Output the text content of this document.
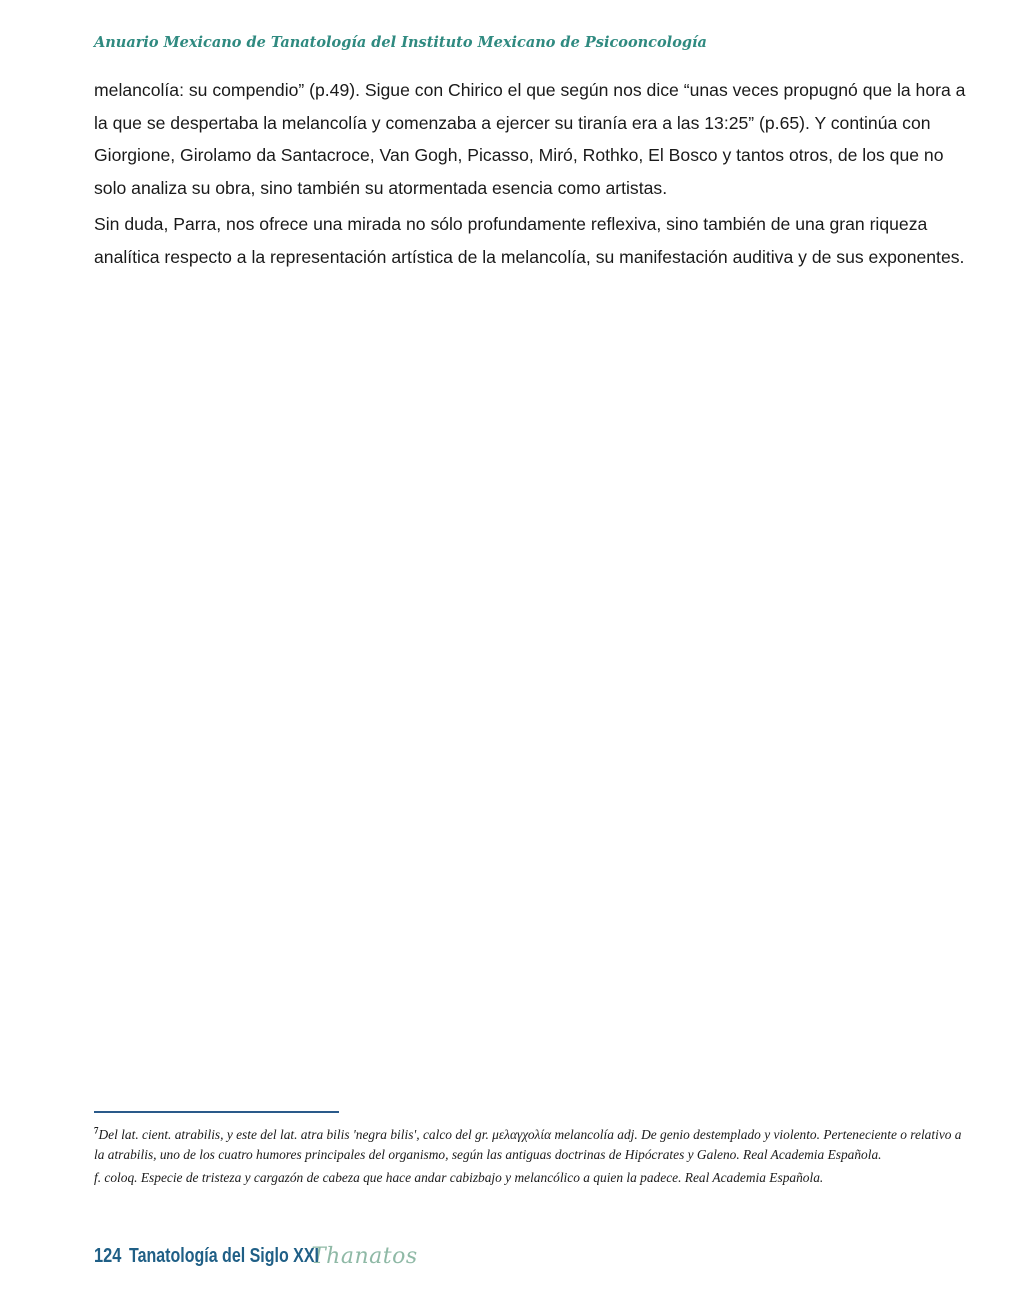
Anuario Mexicano de Tanatología del Instituto Mexicano de Psicooncología

melancolía: su compendio” (p.49). Sigue con Chirico el que según nos dice “unas veces propugnó que la hora a la que se despertaba la melancolía y comenzaba a ejercer su tiranía era a las 13:25” (p.65). Y continúa con Giorgione, Girolamo da Santacroce, Van Gogh, Picasso, Miró, Rothko, El Bosco y tantos otros, de los que no solo analiza su obra, sino también su atormentada esencia como artistas.

Sin duda, Parra, nos ofrece una mirada no sólo profundamente reflexiva, sino también de una gran riqueza analítica respecto a la representación artística de la melancolía, su manifestación auditiva y de sus exponentes.

$^7$Del lat. cient. atrabilis, y este del lat. atra bilis 'negra bilis', calco del gr. μελαγχολία melancolía adj. De genio destemplado y violento. Perteneciente o relativo a la atrabilis, uno de los cuatro humores principales del organismo, según las antiguas doctrinas de Hipócrates y Galeno. Real Academia Española.

f. coloq. Especie de tristeza y cargazón de cabeza que hace andar cabizbajo y melancólico a quien la padece. Real Academia Española.

124 Tanatología del Siglo XXI
Thanatos
